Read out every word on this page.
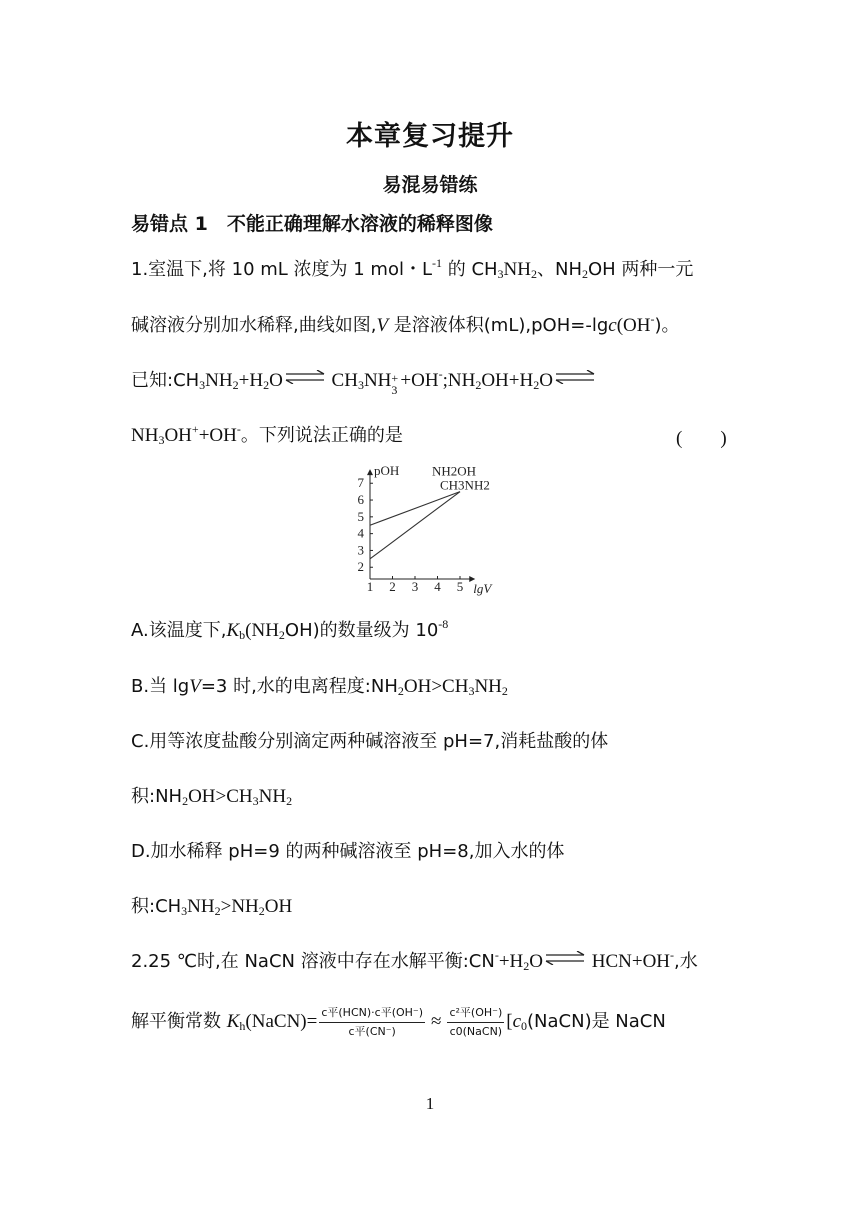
本章复习提升
易混易错练
易错点 1　不能正确理解水溶液的稀释图像
1.室温下,将 10 mL 浓度为 1 mol・$L^{-1}$ 的 $CH_3NH_2$、$NH_2OH$ 两种一元
碱溶液分别加水稀释,曲线如图,V 是溶液体积(mL),pOH=-lgc(OH-)。
已知$:CH_3NH_2+H_2O$ ⇌ $CH_3NH$ +
$3 +OH^-;NH_2OH+H_2O$ ⇌
$NH_3OH^++OH^-$。下列说法正确的是	(　　)
1 2 3 4 5
2
3
4
5
6
7
lgV
pOH	NH2OH
CH3NH2
A.该温度下$,K_b(NH_2OH)$的数量级为 $10^{-8}$
B.当 lgV=3 时,水的电离程度$:NH_2OH>CH_3NH_2$
C.用等浓度盐酸分别滴定两种碱溶液至 pH=7,消耗盐酸的体
积$:NH_2OH>CH_3NH_2$
D.加水稀释 pH=9 的两种碱溶液至 pH=8,加入水的体
积$:CH_3NH_2>NH_2OH$
2.25 ℃时,在 NaCN 溶液中存在水解平衡$:CN^-+H_2O$ ⇌ HCN+OH-,水
解平衡常数 $K_h(NaCN)= \frac{\text{c平(HCN)·c平(OH⁻)}}{\text{c平(CN⁻)}} \approx \frac{\text{c²平(OH⁻)}}{\text{c0(NaCN)}}$ [$c_0(NaCN)$是 NaCN
1
